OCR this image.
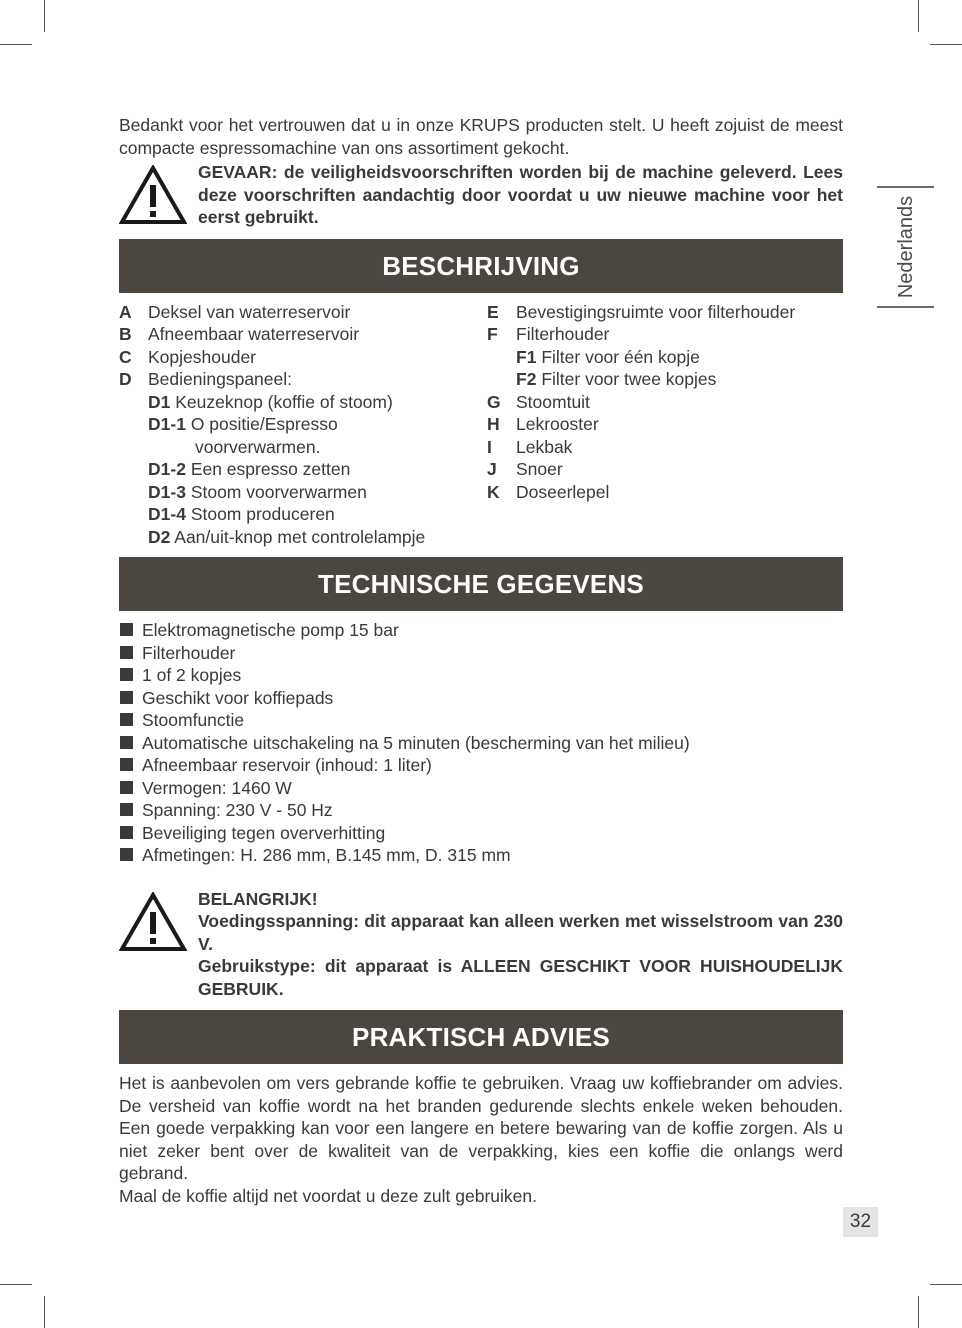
Nederlands

Bedankt voor het vertrouwen dat u in onze KRUPS producten stelt. U heeft zojuist de meest compacte espressomachine van ons assortiment gekocht.

GEVAAR: de veiligheidsvoorschriften worden bij de machine geleverd. Lees deze voorschriften aandachtig door voordat u uw nieuwe machine voor het eerst gebruikt.
BESCHRIJVING
A Deksel van waterreservoir
B Afneembaar waterreservoir
C Kopjeshouder
D Bedieningspaneel:
D1 Keuzeknop (koffie of stoom)
D1-1 O positie/Espresso
voorverwarmen.
D1-2 Een espresso zetten
D1-3 Stoom voorverwarmen
D1-4 Stoom produceren
D2 Aan/uit-knop met controlelampje
E Bevestigingsruimte voor filterhouder
F	Filterhouder
F1 Filter voor één kopje
F2 Filter voor twee kopjes
G Stoomtuit
H Lekrooster
I	Lekbak
J	Snoer
K Doseerlepel
TECHNISCHE GEGEVENS
Elektromagnetische pomp 15 bar
Filterhouder
1 of 2 kopjes
Geschikt voor koffiepads
Stoomfunctie
Automatische uitschakeling na 5 minuten (bescherming van het milieu)
Afneembaar reservoir (inhoud: 1 liter)
Vermogen: 1460 W
Spanning: 230 V - 50 Hz
Beveiliging tegen oververhitting
Afmetingen: H. 286 mm, B.145 mm, D. 315 mm
BELANGRIJK!
Voedingsspanning: dit apparaat kan alleen werken met wisselstroom van 230 V.
Gebruikstype: dit apparaat is ALLEEN GESCHIKT VOOR HUISHOUDELIJK GEBRUIK.
PRAKTISCH ADVIES

Het is aanbevolen om vers gebrande koffie te gebruiken. Vraag uw koffiebrander om advies. De versheid van koffie wordt na het branden gedurende slechts enkele weken behouden. Een goede verpakking kan voor een langere en betere bewaring van de koffie zorgen. Als u niet zeker bent over de kwaliteit van de verpakking, kies een koffie die onlangs werd gebrand.

Maal de koffie altijd net voordat u deze zult gebruiken.

32
